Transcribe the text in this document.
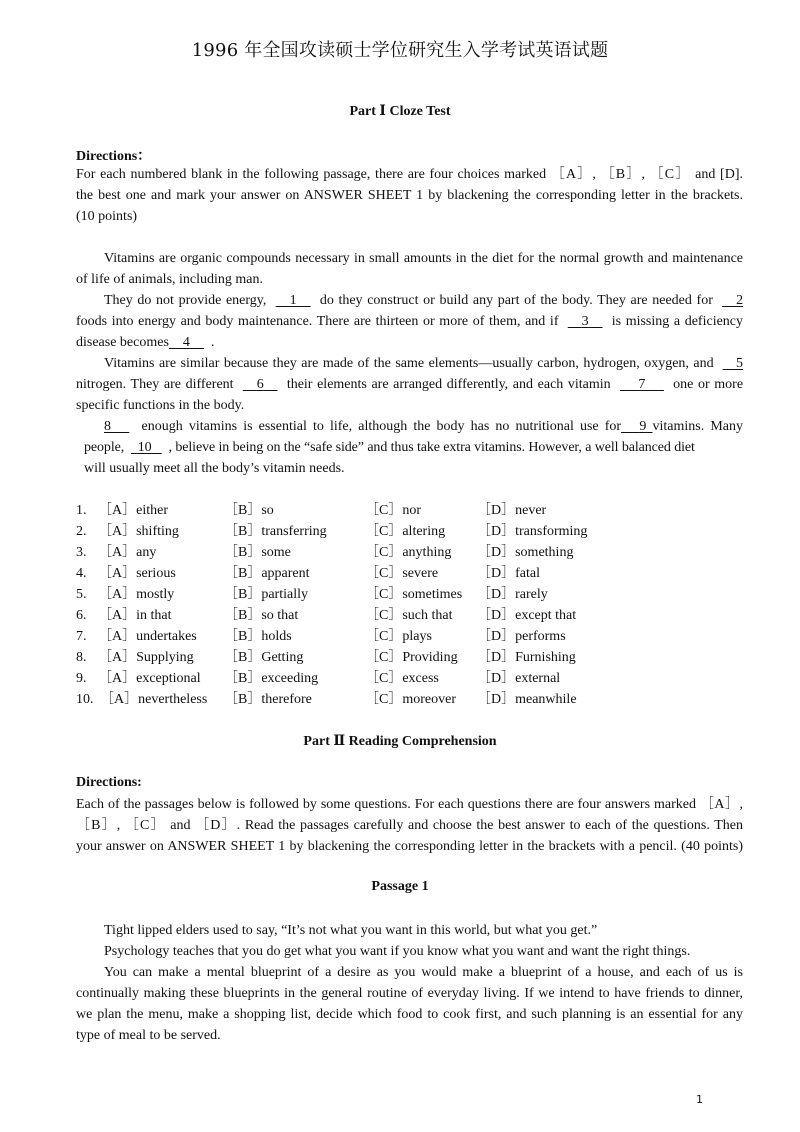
1996 年全国攻读硕士学位研究生入学考试英语试题
Part Ⅰ Cloze Test
Directions：
For each numbered blank in the following passage, there are four choices marked ［A］, ［B］, ［C］ and [D].
the best one and mark your answer on ANSWER SHEET 1 by blackening the corresponding letter in the brackets.
(10 points)
Vitamins are organic compounds necessary in small amounts in the diet for the normal growth and maintenance
of life of animals, including man.
They do not provide energy, 1 do they construct or build any part of the body. They are needed for 2
foods into energy and body maintenance. There are thirteen or more of them, and if 3 is missing a deficiency
disease becomes 4 .
Vitamins are similar because they are made of the same elements—usually carbon, hydrogen, oxygen, and 5
nitrogen. They are different 6 their elements are arranged differently, and each vitamin 7 one or more
specific functions in the body.
8 enough vitamins is essential to life, although the body has no nutritional use for 9 vitamins. Many
people, 10 , believe in being on the “safe side” and thus take extra vitamins. However, a well balanced diet
will usually meet all the body’s vitamin needs.
1. ［A］either	［B］so	［C］nor	［D］never
2. ［A］shifting	［B］transferring	［C］altering ［D］transforming
3. ［A］any	［B］some	［C］anything ［D］something
4. ［A］serious	［B］apparent	［C］severe	［D］fatal
5. ［A］mostly	［B］partially	［C］sometimes ［D］rarely
6. ［A］in that	［B］so that	［C］such that ［D］except that
7. ［A］undertakes ［B］holds	［C］plays	［D］performs
8. ［A］Supplying ［B］Getting	［C］Providing ［D］Furnishing
9. ［A］exceptional ［B］exceeding	［C］excess	［D］external
10. ［A］nevertheless ［B］therefore	［C］moreover ［D］meanwhile
Part Ⅱ Reading Comprehension
Directions:
Each of the passages below is followed by some questions. For each questions there are four answers marked ［A］,
［B］, ［C］ and ［D］. Read the passages carefully and choose the best answer to each of the questions. Then
your answer on ANSWER SHEET 1 by blackening the corresponding letter in the brackets with a pencil. (40 points)
Passage 1
Tight lipped elders used to say, “It’s not what you want in this world, but what you get.”
Psychology teaches that you do get what you want if you know what you want and want the right things.
You can make a mental blueprint of a desire as you would make a blueprint of a house, and each of us is
continually making these blueprints in the general routine of everyday living. If we intend to have friends to dinner,
we plan the menu, make a shopping list, decide which food to cook first, and such planning is an essential for any
type of meal to be served.
1
